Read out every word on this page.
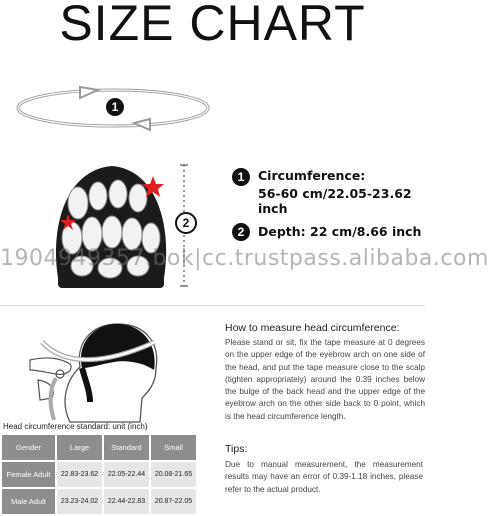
SIZE CHART
1
2
1	Circumference:
56-60 cm/22.05-23.62 inch
2	Depth: 22 cm/8.66 inch
1904949357.bok|cc.trustpass.alibaba.com
How to measure head circumference:
Please stand or sit, fix the tape measure at 0 degrees on the upper edge of the eyebrow arch on one side of the head, and put the tape measure close to the scalp (tighten appropriately) around the 0.39 inches below the bulge of the back head and the upper edge of the eyebrow arch on the other side back to 0 point, which is the head circumference length.
Tips:
Due to manual measurement, the measurement results may have an error of 0.39-1.18 inches, please refer to the actual product.
Head circumference standard: unit (inch)
Gender	Large	Standard	Small
Female Adult	22.83-23.62	22.05-22.44	20.08-21.65
Male Adult	23.23-24.02	22.44-22.83	20.87-22.05
